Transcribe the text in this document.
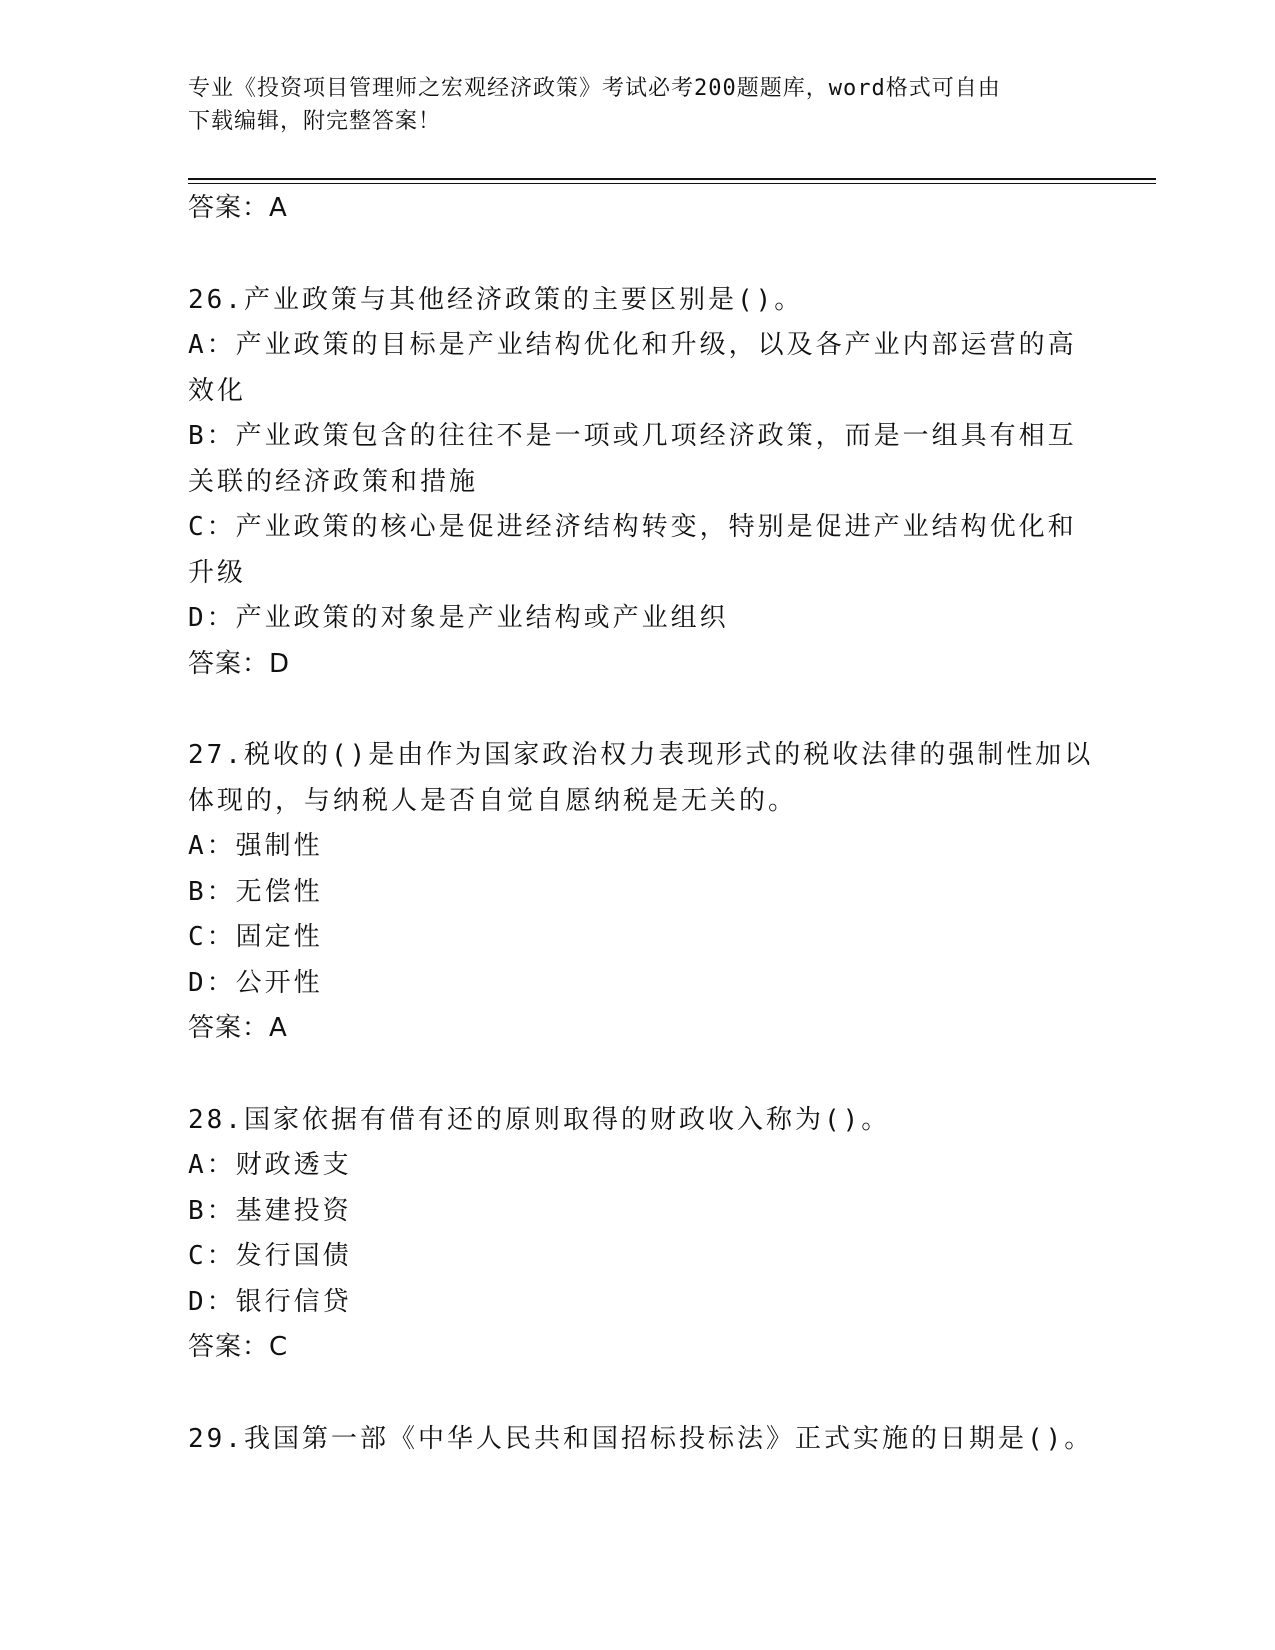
专业《投资项目管理师之宏观经济政策》考试必考200题题库，word格式可自由
下载编辑，附完整答案！
答案：A
26.产业政策与其他经济政策的主要区别是()。
A：产业政策的目标是产业结构优化和升级，以及各产业内部运营的高
效化
B：产业政策包含的往往不是一项或几项经济政策，而是一组具有相互
关联的经济政策和措施
C：产业政策的核心是促进经济结构转变，特别是促进产业结构优化和
升级
D：产业政策的对象是产业结构或产业组织
答案：D
27.税收的()是由作为国家政治权力表现形式的税收法律的强制性加以
体现的，与纳税人是否自觉自愿纳税是无关的。
A：强制性
B：无偿性
C：固定性
D：公开性
答案：A
28.国家依据有借有还的原则取得的财政收入称为()。
A：财政透支
B：基建投资
C：发行国债
D：银行信贷
答案：C
29.我国第一部《中华人民共和国招标投标法》正式实施的日期是()。
